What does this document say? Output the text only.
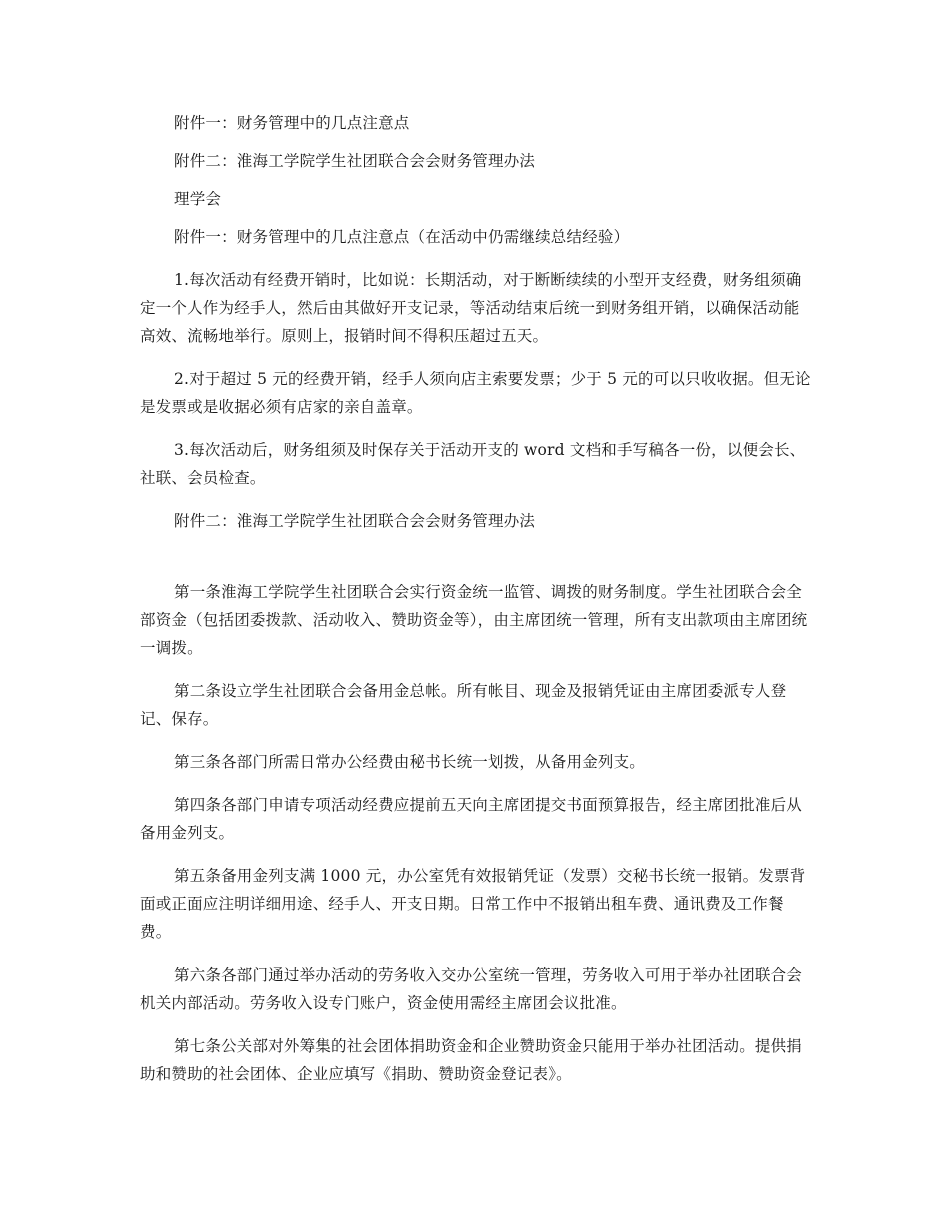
附件一：财务管理中的几点注意点

附件二：淮海工学院学生社团联合会会财务管理办法

理学会

附件一：财务管理中的几点注意点（在活动中仍需继续总结经验）

1.每次活动有经费开销时，比如说：长期活动，对于断断续续的小型开支经费，财务组须确定一个人作为经手人，然后由其做好开支记录，等活动结束后统一到财务组开销，以确保活动能高效、流畅地举行。原则上，报销时间不得积压超过五天。

2.对于超过 5 元的经费开销，经手人须向店主索要发票；少于 5 元的可以只收收据。但无论是发票或是收据必须有店家的亲自盖章。

3.每次活动后，财务组须及时保存关于活动开支的 word 文档和手写稿各一份，以便会长、社联、会员检查。

附件二：淮海工学院学生社团联合会会财务管理办法

第一条淮海工学院学生社团联合会实行资金统一监管、调拨的财务制度。学生社团联合会全部资金（包括团委拨款、活动收入、赞助资金等），由主席团统一管理，所有支出款项由主席团统一调拨。

第二条设立学生社团联合会备用金总帐。所有帐目、现金及报销凭证由主席团委派专人登记、保存。

第三条各部门所需日常办公经费由秘书长统一划拨，从备用金列支。

第四条各部门申请专项活动经费应提前五天向主席团提交书面预算报告，经主席团批准后从备用金列支。

第五条备用金列支满 1000 元，办公室凭有效报销凭证（发票）交秘书长统一报销。发票背面或正面应注明详细用途、经手人、开支日期。日常工作中不报销出租车费、通讯费及工作餐费。

第六条各部门通过举办活动的劳务收入交办公室统一管理，劳务收入可用于举办社团联合会机关内部活动。劳务收入设专门账户，资金使用需经主席团会议批准。

第七条公关部对外筹集的社会团体捐助资金和企业赞助资金只能用于举办社团活动。提供捐助和赞助的社会团体、企业应填写《捐助、赞助资金登记表》。
